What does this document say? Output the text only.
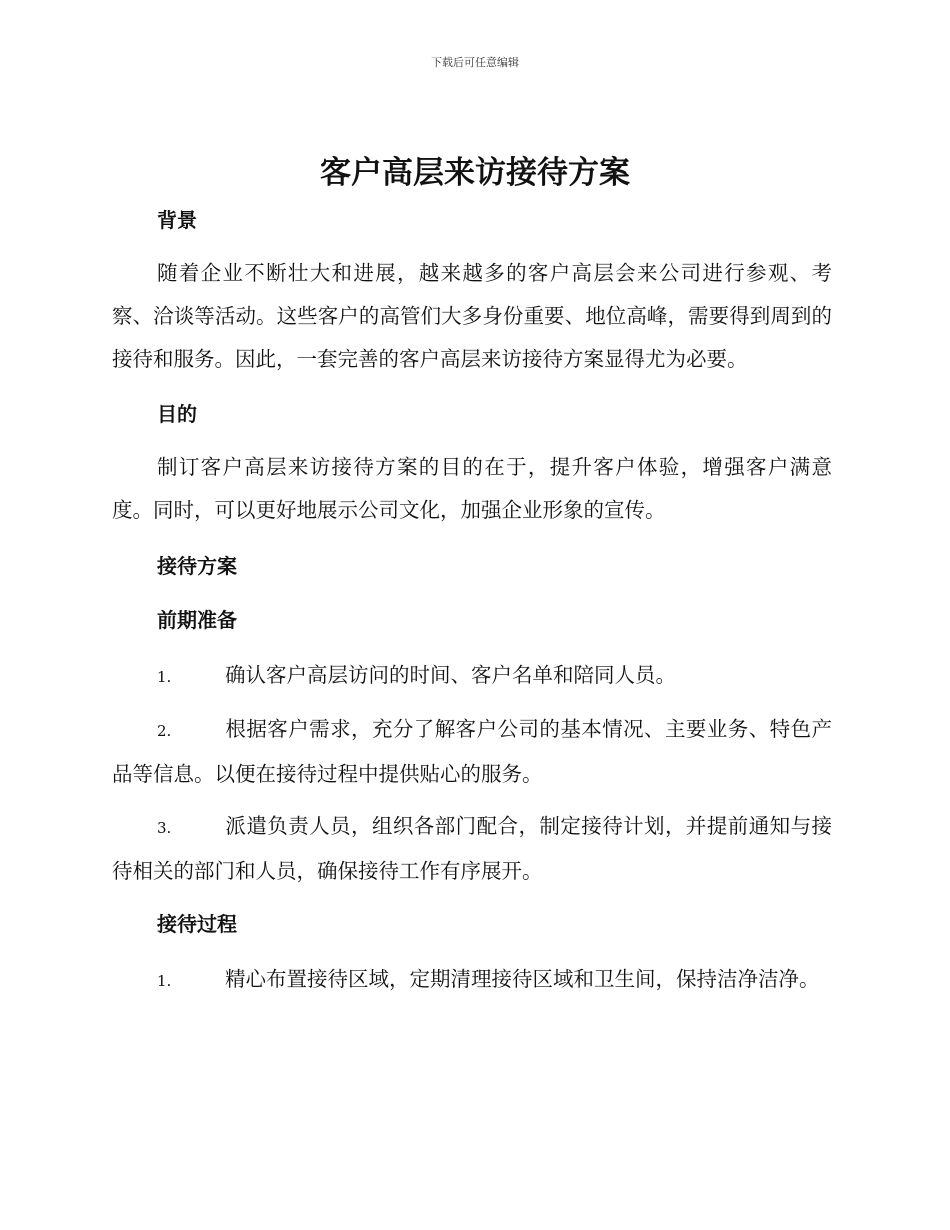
下载后可任意编辑
客户高层来访接待方案
背景

随着企业不断壮大和进展，越来越多的客户高层会来公司进行参观、考察、洽谈等活动。这些客户的高管们大多身份重要、地位高峰，需要得到周到的接待和服务。因此，一套完善的客户高层来访接待方案显得尤为必要。

目的

制订客户高层来访接待方案的目的在于，提升客户体验，增强客户满意度。同时，可以更好地展示公司文化，加强企业形象的宣传。

接待方案
前期准备

1.	确认客户高层访问的时间、客户名单和陪同人员。

2.	根据客户需求，充分了解客户公司的基本情况、主要业务、特色产品等信息。以便在接待过程中提供贴心的服务。

3.	派遣负责人员，组织各部门配合，制定接待计划，并提前通知与接待相关的部门和人员，确保接待工作有序展开。

接待过程

1.	精心布置接待区域，定期清理接待区域和卫生间，保持洁净洁净。
